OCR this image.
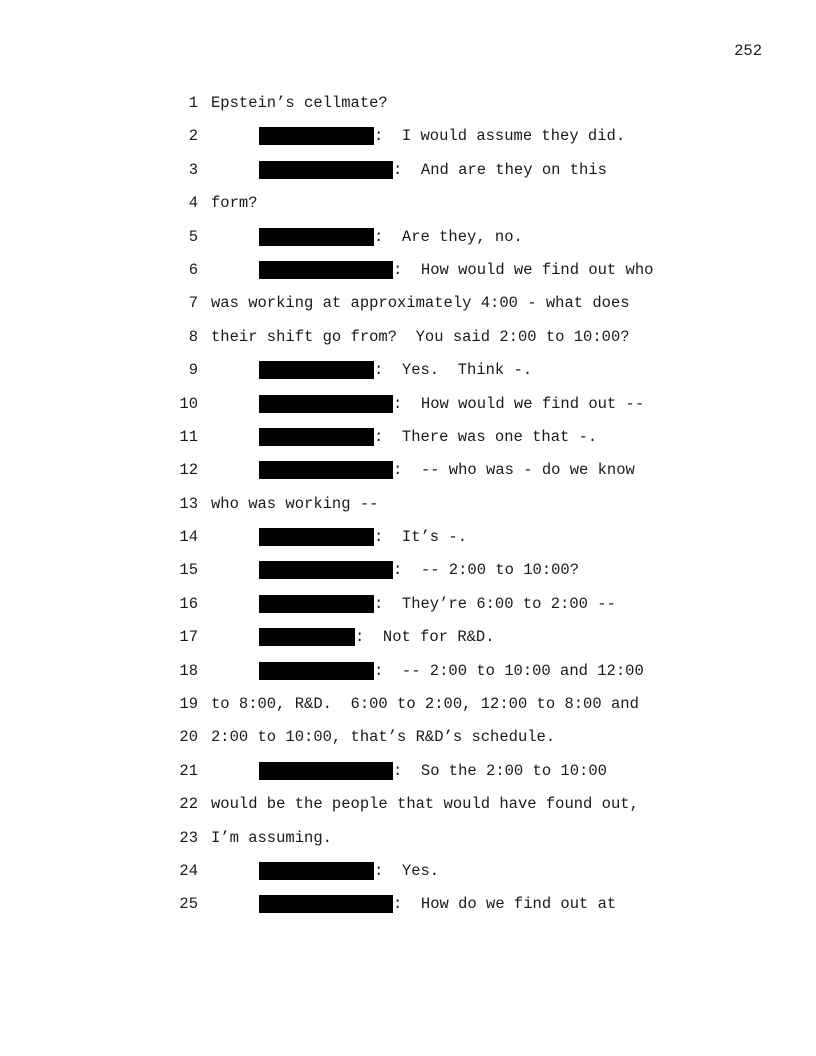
252
1 Epstein’s cellmate?
2	:  I would assume they did.
3	:  And are they on this
4 form?
5	:  Are they, no.
6	:  How would we find out who
7 was working at approximately 4:00 - what does
8 their shift go from?  You said 2:00 to 10:00?
9	:  Yes.  Think -.
10	:  How would we find out --
11	:  There was one that -.
12	:  -- who was - do we know
13 who was working --
14	:  It’s -.
15	:  -- 2:00 to 10:00?
16	:  They’re 6:00 to 2:00 --
17	:  Not for R&D.
18	:  -- 2:00 to 10:00 and 12:00
19 to 8:00, R&D.  6:00 to 2:00, 12:00 to 8:00 and
20 2:00 to 10:00, that’s R&D’s schedule.
21	:  So the 2:00 to 10:00
22 would be the people that would have found out,
23 I’m assuming.
24	:  Yes.
25	:  How do we find out at
